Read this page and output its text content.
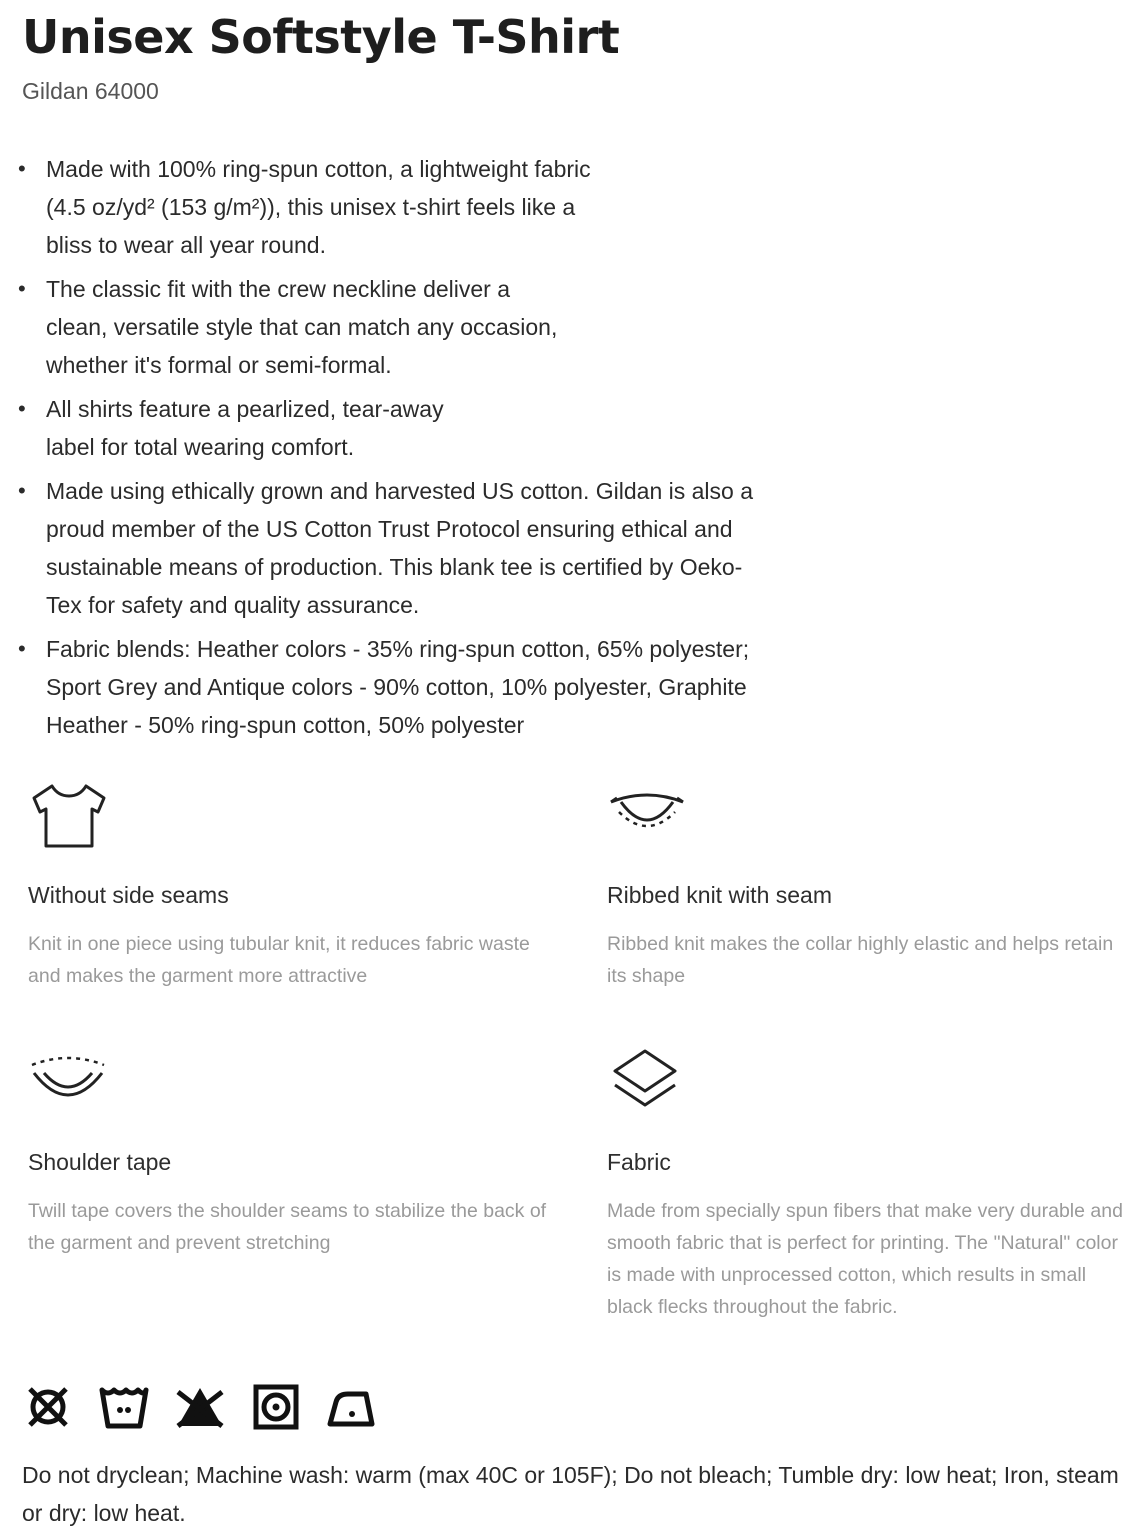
Unisex Softstyle T-Shirt
Gildan 64000
• Made with 100% ring-spun cotton, a lightweight fabric (4.5 oz/yd² (153 g/m²)), this unisex t-shirt feels like a bliss to wear all year round.
• The classic fit with the crew neckline deliver a clean, versatile style that can match any occasion, whether it's formal or semi-formal.
• All shirts feature a pearlized, tear-away label for total wearing comfort.
• Made using ethically grown and harvested US cotton. Gildan is also a proud member of the US Cotton Trust Protocol ensuring ethical and sustainable means of production. This blank tee is certified by Oeko-Tex for safety and quality assurance.
• Fabric blends: Heather colors - 35% ring-spun cotton, 65% polyester; Sport Grey and Antique colors - 90% cotton, 10% polyester, Graphite Heather - 50% ring-spun cotton, 50% polyester
Without side seams
Knit in one piece using tubular knit, it reduces fabric waste and makes the garment more attractive
Ribbed knit with seam
Ribbed knit makes the collar highly elastic and helps retain its shape
Shoulder tape
Twill tape covers the shoulder seams to stabilize the back of the garment and prevent stretching
Fabric
Made from specially spun fibers that make very durable and smooth fabric that is perfect for printing. The "Natural" color is made with unprocessed cotton, which results in small black flecks throughout the fabric.
Do not dryclean; Machine wash: warm (max 40C or 105F); Do not bleach; Tumble dry: low heat; Iron, steam or dry: low heat.
